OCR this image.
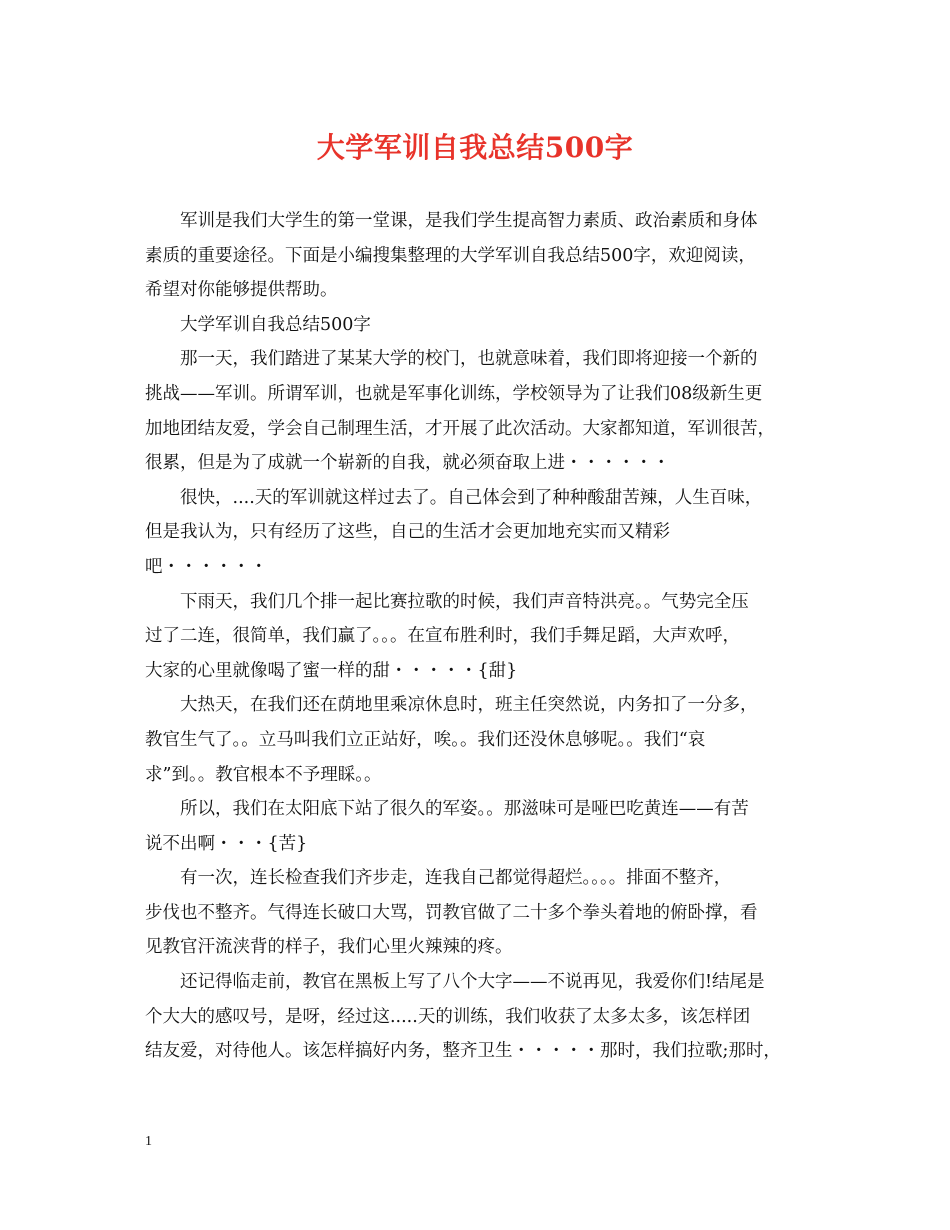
大学军训自我总结500字
军训是我们大学生的第一堂课，是我们学生提高智力素质、政治素质和身体
素质的重要途径。下面是小编搜集整理的大学军训自我总结500字，欢迎阅读，
希望对你能够提供帮助。
大学军训自我总结500字
那一天，我们踏进了某某大学的校门，也就意味着，我们即将迎接一个新的
挑战——军训。所谓军训，也就是军事化训练，学校领导为了让我们08级新生更
加地团结友爱，学会自己制理生活，才开展了此次活动。大家都知道，军训很苦，
很累，但是为了成就一个崭新的自我，就必须奋取上进・・・・・・
很快，....天的军训就这样过去了。自己体会到了种种酸甜苦辣，人生百味，
但是我认为，只有经历了这些，自己的生活才会更加地充实而又精彩
吧・・・・・・
下雨天，我们几个排一起比赛拉歌的时候，我们声音特洪亮。。气势完全压
过了二连，很简单，我们赢了。。。在宣布胜利时，我们手舞足蹈，大声欢呼，
大家的心里就像喝了蜜一样的甜・・・・・{甜}
大热天，在我们还在荫地里乘凉休息时，班主任突然说，内务扣了一分多，
教官生气了。。立马叫我们立正站好，唉。。我们还没休息够呢。。我们“哀
求”到。。教官根本不予理睬。。
所以，我们在太阳底下站了很久的军姿。。那滋味可是哑巴吃黄连——有苦
说不出啊・・・{苦}
有一次，连长检查我们齐步走，连我自己都觉得超烂。。。。排面不整齐，
步伐也不整齐。气得连长破口大骂，罚教官做了二十多个拳头着地的俯卧撑，看
见教官汗流浃背的样子，我们心里火辣辣的疼。
还记得临走前，教官在黑板上写了八个大字——不说再见，我爱你们!结尾是
个大大的感叹号，是呀，经过这.....天的训练，我们收获了太多太多，该怎样团
结友爱，对待他人。该怎样搞好内务，整齐卫生・・・・・那时，我们拉歌;那时，
1
